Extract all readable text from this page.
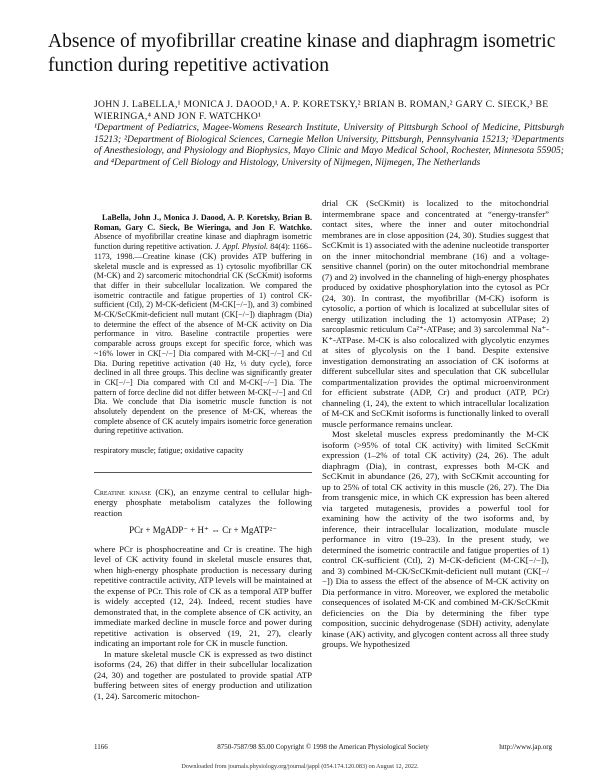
Absence of myofibrillar creatine kinase and diaphragm isometric function during repetitive activation
JOHN J. LaBELLA,¹ MONICA J. DAOOD,¹ A. P. KORETSKY,² BRIAN B. ROMAN,² GARY C. SIECK,³ BE WIERINGA,⁴ AND JON F. WATCHKO¹
¹Department of Pediatrics, Magee-Womens Research Institute, University of Pittsburgh School of Medicine, Pittsburgh 15213; ²Department of Biological Sciences, Carnegie Mellon University, Pittsburgh, Pennsylvania 15213; ³Departments of Anesthesiology, and Physiology and Biophysics, Mayo Clinic and Mayo Medical School, Rochester, Minnesota 55905; and ⁴Department of Cell Biology and Histology, University of Nijmegen, Nijmegen, The Netherlands

LaBella, John J., Monica J. Daood, A. P. Koretsky, Brian B. Roman, Gary C. Sieck, Be Wieringa, and Jon F. Watchko. Absence of myofibrillar creatine kinase and diaphragm isometric function during repetitive activation. J. Appl. Physiol. 84(4): 1166–1173, 1998.—Creatine kinase (CK) provides ATP buffering in skeletal muscle and is expressed as 1) cytosolic myofibrillar CK (M-CK) and 2) sarcomeric mitochondrial CK (ScCKmit) isoforms that differ in their subcellular localization. We compared the isometric contractile and fatigue properties of 1) control CK-sufficient (Ctl), 2) M-CK-deficient (M-CK[−/−]), and 3) combined M-CK/ScCKmit-deficient null mutant (CK[−/−]) diaphragm (Dia) to determine the effect of the absence of M-CK activity on Dia performance in vitro. Baseline contractile properties were comparable across groups except for specific force, which was ~16% lower in CK[−/−] Dia compared with M-CK[−/−] and Ctl Dia. During repetitive activation (40 Hz, ⅓ duty cycle), force declined in all three groups. This decline was significantly greater in CK[−/−] Dia compared with Ctl and M-CK[−/−] Dia. The pattern of force decline did not differ between M-CK[−/−] and Ctl Dia. We conclude that Dia isometric muscle function is not absolutely dependent on the presence of M-CK, whereas the complete absence of CK acutely impairs isometric force generation during repetitive activation.

respiratory muscle; fatigue; oxidative capacity

Creatine kinase (CK), an enzyme central to cellular high-energy phosphate metabolism catalyzes the following reaction

PCr + MgADP⁻ + H⁺ ⇔ Cr + MgATP²⁻

where PCr is phosphocreatine and Cr is creatine. The high level of CK activity found in skeletal muscle ensures that, when high-energy phosphate production is necessary during repetitive contractile activity, ATP levels will be maintained at the expense of PCr. This role of CK as a temporal ATP buffer is widely accepted (12, 24). Indeed, recent studies have demonstrated that, in the complete absence of CK activity, an immediate marked decline in muscle force and power during repetitive activation is observed (19, 21, 27), clearly indicating an important role for CK in muscle function.

In mature skeletal muscle CK is expressed as two distinct isoforms (24, 26) that differ in their subcellular localization (24, 30) and together are postulated to provide spatial ATP buffering between sites of energy production and utilization (1, 24). Sarcomeric mitochon-

drial CK (ScCKmit) is localized to the mitochondrial intermembrane space and concentrated at “energy-transfer” contact sites, where the inner and outer mitochondrial membranes are in close apposition (24, 30). Studies suggest that ScCKmit is 1) associated with the adenine nucleotide transporter on the inner mitochondrial membrane (16) and a voltage-sensitive channel (porin) on the outer mitochondrial membrane (7) and 2) involved in the channeling of high-energy phosphates produced by oxidative phosphorylation into the cytosol as PCr (24, 30). In contrast, the myofibrillar (M-CK) isoform is cytosolic, a portion of which is localized at subcellular sites of energy utilization including the 1) actomyosin ATPase; 2) sarcoplasmic reticulum Ca²⁺-ATPase; and 3) sarcolemmal Na⁺-K⁺-ATPase. M-CK is also colocalized with glycolytic enzymes at sites of glycolysis on the I band. Despite extensive investigation demonstrating an association of CK isoforms at different subcellular sites and speculation that CK subcellular compartmentalization provides the optimal microenvironment for efficient substrate (ADP, Cr) and product (ATP, PCr) channeling (1, 24), the extent to which intracellular localization of M-CK and ScCKmit isoforms is functionally linked to overall muscle performance remains unclear.

Most skeletal muscles express predominantly the M-CK isoform (>95% of total CK activity) with limited ScCKmit expression (1–2% of total CK activity) (24, 26). The adult diaphragm (Dia), in contrast, expresses both M-CK and ScCKmit in abundance (26, 27), with ScCKmit accounting for up to 25% of total CK activity in this muscle (26, 27). The Dia from transgenic mice, in which CK expression has been altered via targeted mutagenesis, provides a powerful tool for examining how the activity of the two isoforms and, by inference, their intracellular localization, modulate muscle performance in vitro (19–23). In the present study, we determined the isometric contractile and fatigue properties of 1) control CK-sufficient (Ctl), 2) M-CK-deficient (M-CK[−/−]), and 3) combined M-CK/ScCKmit-deficient null mutant (CK[−/−]) Dia to assess the effect of the absence of M-CK activity on Dia performance in vitro. Moreover, we explored the metabolic consequences of isolated M-CK and combined M-CK/ScCKmit deficiencies on the Dia by determining the fiber type composition, succinic dehydrogenase (SDH) activity, adenylate kinase (AK) activity, and glycogen content across all three study groups. We hypothesized

1166	8750-7587/98 $5.00 Copyright © 1998 the American Physiological Society	http://www.jap.org
Downloaded from journals.physiology.org/journal/jappl (054.174.120.083) on August 12, 2022.
